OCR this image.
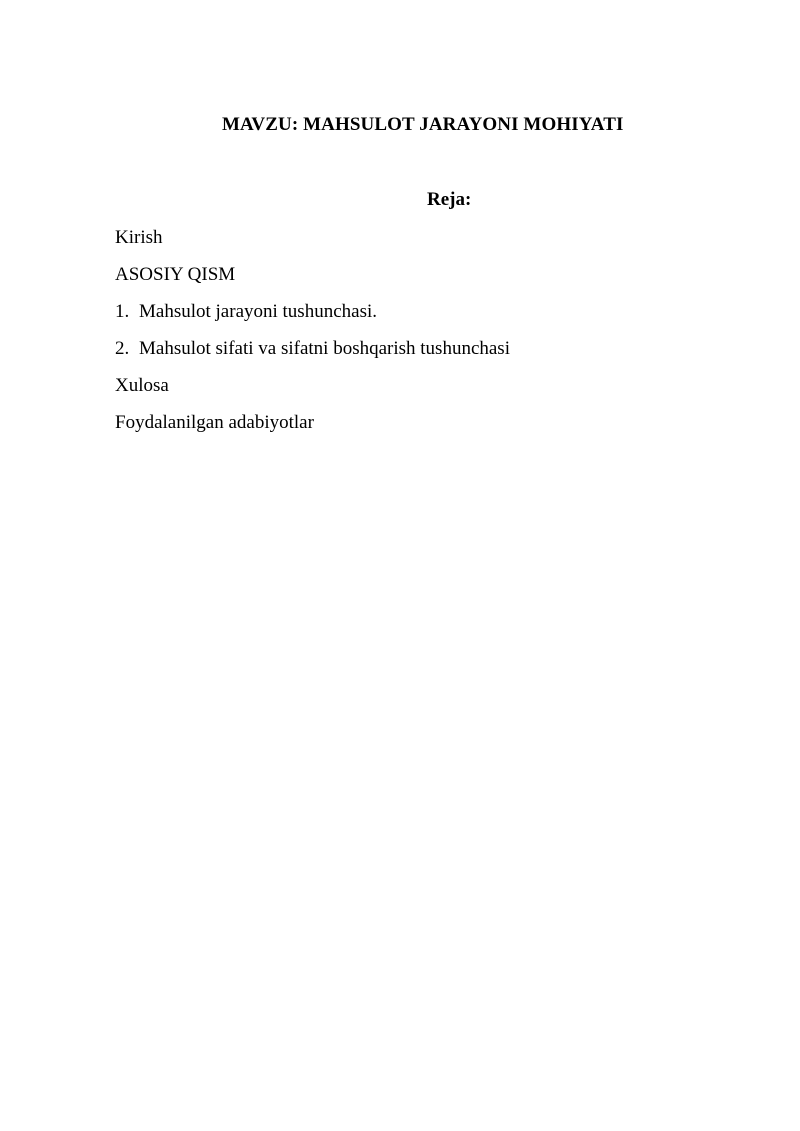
MAVZU: MAHSULOT JARAYONI MOHIYATI
Reja:
Kirish
ASOSIY QISM
1. Mahsulot jarayoni tushunchasi.
2. Mahsulot sifati va sifatni boshqarish tushunchasi
Xulosa
Foydalanilgan adabiyotlar
